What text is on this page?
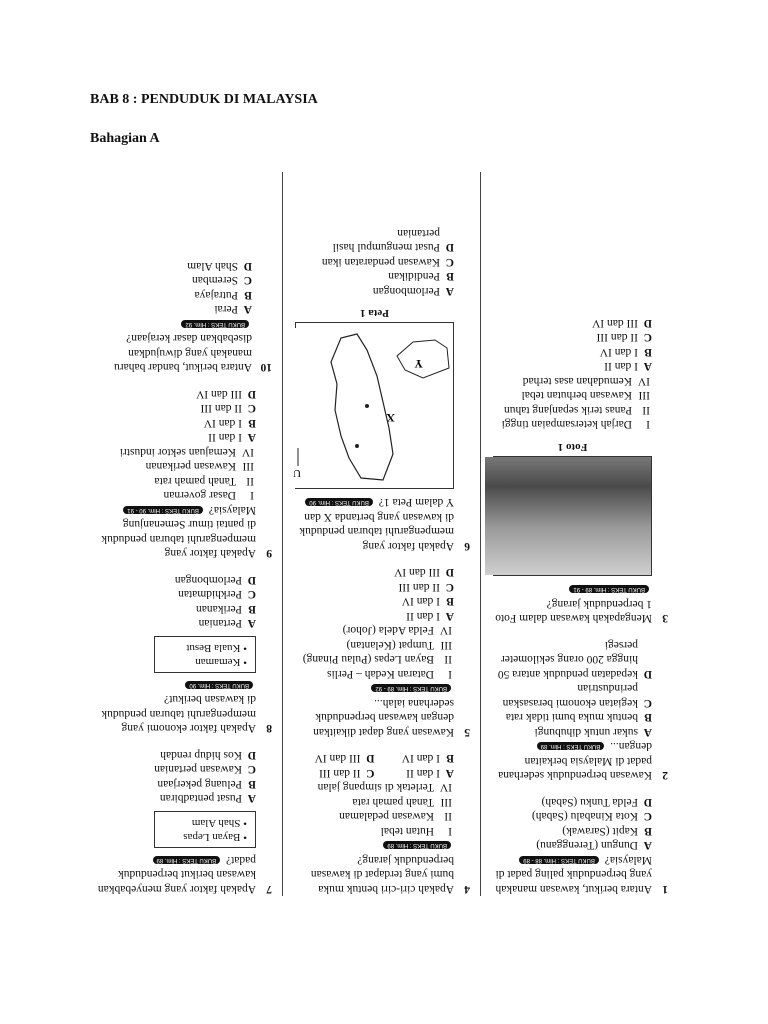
BAB 8 : PENDUDUK DI MALAYSIA
Bahagian A
1
Antara berikut, kawasan manakah yang berpenduduk paling padat di Malaysia? BUKU TEKS : Hlm. 88 - 89
A
Dungun (Terengganu)
B
Kapit (Sarawak)
C
Kota Kinabalu (Sabah)
D
Felda Tunku (Sabah)
2
Kawasan berpenduduk sederhana padat di Malaysia berkaitan dengan... BUKU TEKS : Hlm. 89
A
sukar untuk dihubungi
B
bentuk muka bumi tidak rata
C
kegiatan ekonomi berasaskan perindustrian
D
kepadatan penduduk antara 50 hingga 200 orang sekilometer persegi
3
Mengapakah kawasan dalam Foto 1 berpenduduk jarang? BUKU TEKS : Hlm. 89 - 91
Foto 1
I
Darjah ketersampaian tinggi
II
Panas terik sepanjang tahun
III
Kawasan berhutan tebal
IV
Kemudahan asas terhad
A
I dan II
B
I dan IV
C
II dan III
D
III dan IV
4
Apakah ciri-ciri bentuk muka bumi yang terdapat di kawasan berpenduduk jarang? BUKU TEKS : Hlm. 89
I
Hutan tebal
II
Kawasan pedalaman
III
Tanah pamah rata
IV
Terletak di simpang jalan
A
I dan II
C
II dan III
B
I dan IV
D
III dan IV
5
Kawasan yang dapat dikaitkan dengan kawasan berpenduduk sederhana ialah... BUKU TEKS : Hlm. 89 - 92
I
Dataran Kedah – Perlis
II
Bayan Lepas (Pulau Pinang)
III
Tumpat (Kelantan)
IV
Felda Adela (Johor)
A
I dan II
B
I dan IV
C
II dan III
D
III dan IV
6
Apakah faktor yang mempengaruhi taburan penduduk di kawasan yang bertanda X dan Y dalam Peta 1? BUKU TEKS : Hlm. 90
U
X
Y
Peta 1
A
Perlombongan
B
Pendidikan
C
Kawasan pendaratan ikan
D
Pusat mengumpul hasil pertanian
7
Apakah faktor yang menyebabkan kawasan berikut berpenduduk padat? BUKU TEKS : Hlm. 89
• Bayan Lepas
• Shah Alam
A
Pusat pentadbiran
B
Peluang pekerjaan
C
Kawasan pertanian
D
Kos hidup rendah
8
Apakah faktor ekonomi yang mempengaruhi taburan penduduk di kawasan berikut? BUKU TEKS : Hlm. 90
• Kemaman
• Kuala Besut
A
Pertanian
B
Perikanan
C
Perkhidmatan
D
Perlombongan
9
Apakah faktor yang mempengaruhi taburan penduduk di pantai timur Semenanjung Malaysia? BUKU TEKS : Hlm. 90 - 91
I
Dasar governan
II
Tanah pamah rata
III
Kawasan perikanan
IV
Kemajuan sektor industri
A
I dan II
B
I dan IV
C
II dan III
D
III dan IV
10
Antara berikut, bandar baharu manakah yang diwujudkan disebabkan dasar kerajaan? BUKU TEKS : Hlm. 92
A
Perai
B
Putrajaya
C
Seremban
D
Shah Alam
